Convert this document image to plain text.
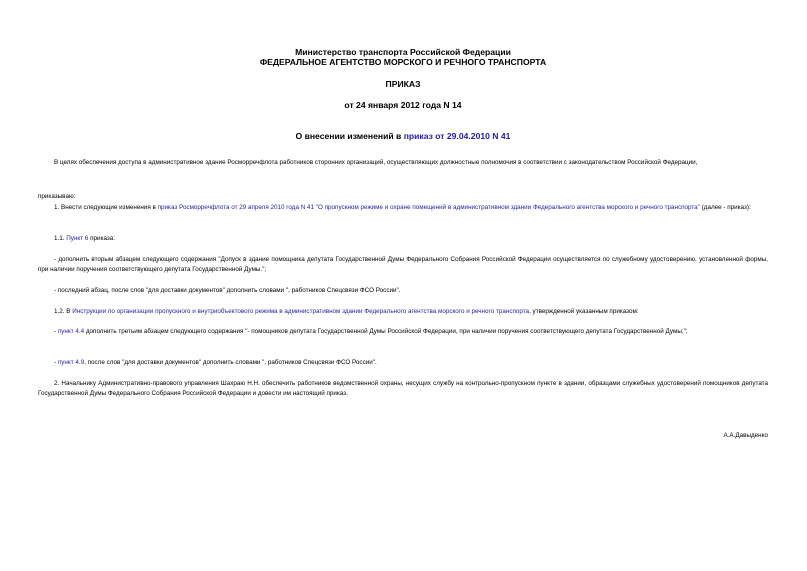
Министерство транспорта Российской Федерации
ФЕДЕРАЛЬНОЕ АГЕНТСТВО МОРСКОГО И РЕЧНОГО ТРАНСПОРТА
ПРИКАЗ
от 24 января 2012 года N 14
О внесении изменений в приказ от 29.04.2010 N 41
В целях обеспечения доступа в административное здание Росморречфлота работников сторонних организаций, осуществляющих должностные полномочия в соответствии с законодательством Российской Федерации,
приказываю:
1. Внести следующие изменения в приказ Росморречфлота от 29 апреля 2010 года N 41 "О пропускном режиме и охране помещений в административном здании Федерального агентства морского и речного транспорта" (далее - приказ):
1.1. Пункт 6 приказа:
- дополнить вторым абзацем следующего содержания "Допуск в здание помощника депутата Государственной Думы Федерального Собрания Российской Федерации осуществляется по служебному удостоверению, установленной формы, при наличии поручения соответствующего депутата Государственной Думы.";
- последний абзац, после слов "для доставки документов" дополнить словами ", работников Спецсвязи ФСО России".
1.2. В Инструкции по организации пропускного и внутриобъектового режима в административном здании Федерального агентства морского и речного транспорта, утвержденной указанным приказом:
- пункт 4.4 дополнить третьим абзацем следующего содержания "- помощников депутата Государственной Думы Российской Федерации, при наличии поручения соответствующего депутата Государственной Думы;";
- пункт 4.9, после слов "для доставки документов" дополнить словами ", работников Спецсвязи ФСО России".
2. Начальнику Административно-правового управления Шахраю Н.Н. обеспечить работников ведомственной охраны, несущих службу на контрольно-пропускном пункте в здании, образцами служебных удостоверений помощников депутата Государственной Думы Федерального Собрания Российской Федерации и довести им настоящий приказ.
А.А.Давыденко
